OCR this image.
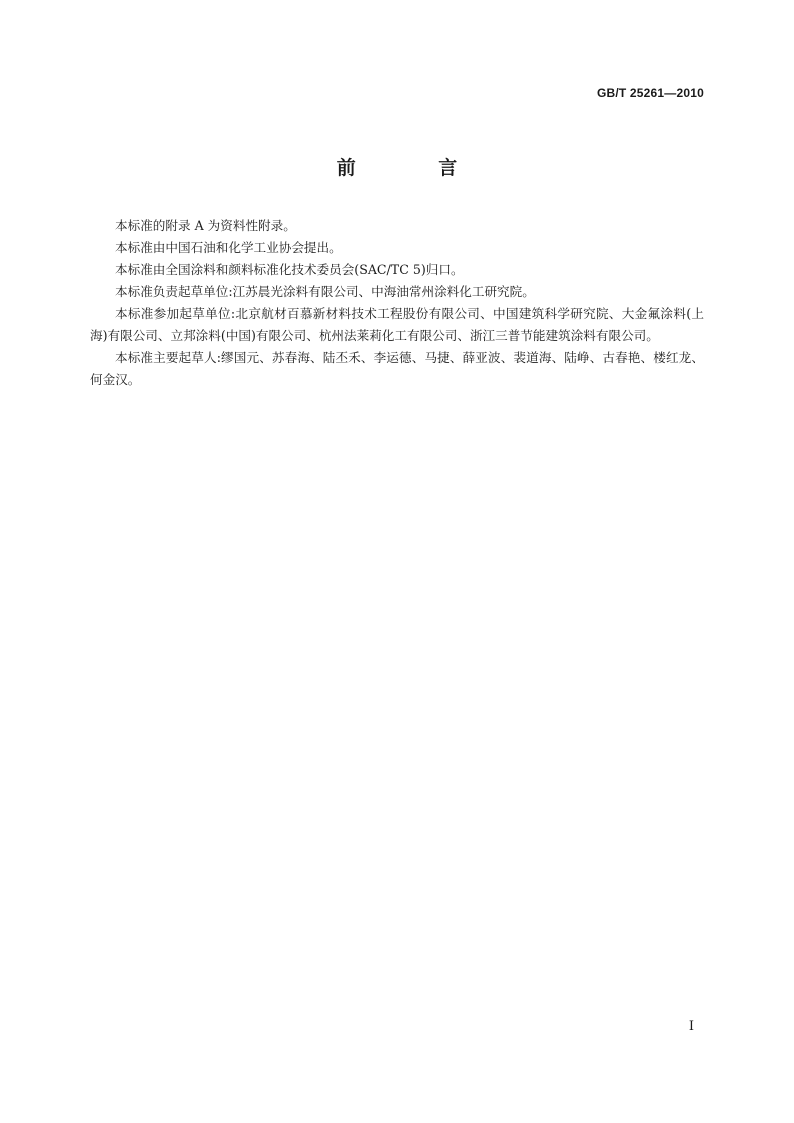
GB/T 25261—2010
前 言

本标准的附录 A 为资料性附录。

本标准由中国石油和化学工业协会提出。

本标准由全国涂料和颜料标准化技术委员会(SAC/TC 5)归口。

本标准负责起草单位:江苏晨光涂料有限公司、中海油常州涂料化工研究院。

本标准参加起草单位:北京航材百慕新材料技术工程股份有限公司、中国建筑科学研究院、大金氟涂料(上海)有限公司、立邦涂料(中国)有限公司、杭州法莱莉化工有限公司、浙江三普节能建筑涂料有限公司。

本标准主要起草人:缪国元、苏春海、陆丕禾、李运德、马捷、薛亚波、裴道海、陆峥、古春艳、楼红龙、何金汉。

I
